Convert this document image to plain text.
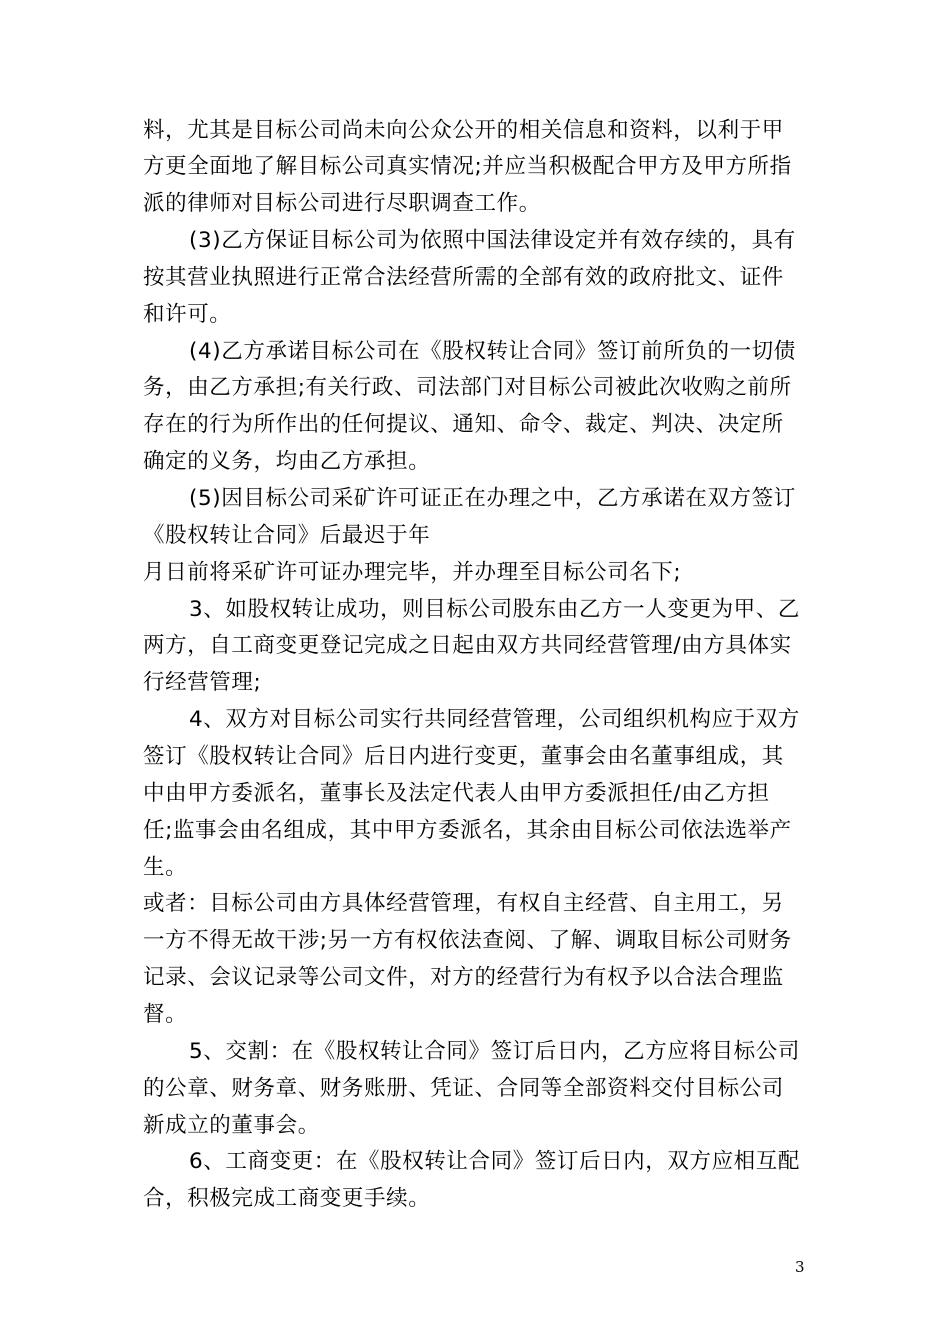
料，尤其是目标公司尚未向公众公开的相关信息和资料，以利于甲
方更全面地了解目标公司真实情况;并应当积极配合甲方及甲方所指
派的律师对目标公司进行尽职调查工作。
(3)乙方保证目标公司为依照中国法律设定并有效存续的，具有
按其营业执照进行正常合法经营所需的全部有效的政府批文、证件
和许可。
(4)乙方承诺目标公司在《股权转让合同》签订前所负的一切债
务，由乙方承担;有关行政、司法部门对目标公司被此次收购之前所
存在的行为所作出的任何提议、通知、命令、裁定、判决、决定所
确定的义务，均由乙方承担。
(5)因目标公司采矿许可证正在办理之中，乙方承诺在双方签订
《股权转让合同》后最迟于年
月日前将采矿许可证办理完毕，并办理至目标公司名下;
3、如股权转让成功，则目标公司股东由乙方一人变更为甲、乙
两方，自工商变更登记完成之日起由双方共同经营管理/由方具体实
行经营管理;
4、双方对目标公司实行共同经营管理，公司组织机构应于双方
签订《股权转让合同》后日内进行变更，董事会由名董事组成，其
中由甲方委派名，董事长及法定代表人由甲方委派担任/由乙方担
任;监事会由名组成，其中甲方委派名，其余由目标公司依法选举产
生。
或者：目标公司由方具体经营管理，有权自主经营、自主用工，另
一方不得无故干涉;另一方有权依法查阅、了解、调取目标公司财务
记录、会议记录等公司文件，对方的经营行为有权予以合法合理监
督。
5、交割：在《股权转让合同》签订后日内，乙方应将目标公司
的公章、财务章、财务账册、凭证、合同等全部资料交付目标公司
新成立的董事会。
6、工商变更：在《股权转让合同》签订后日内，双方应相互配
合，积极完成工商变更手续。
3
